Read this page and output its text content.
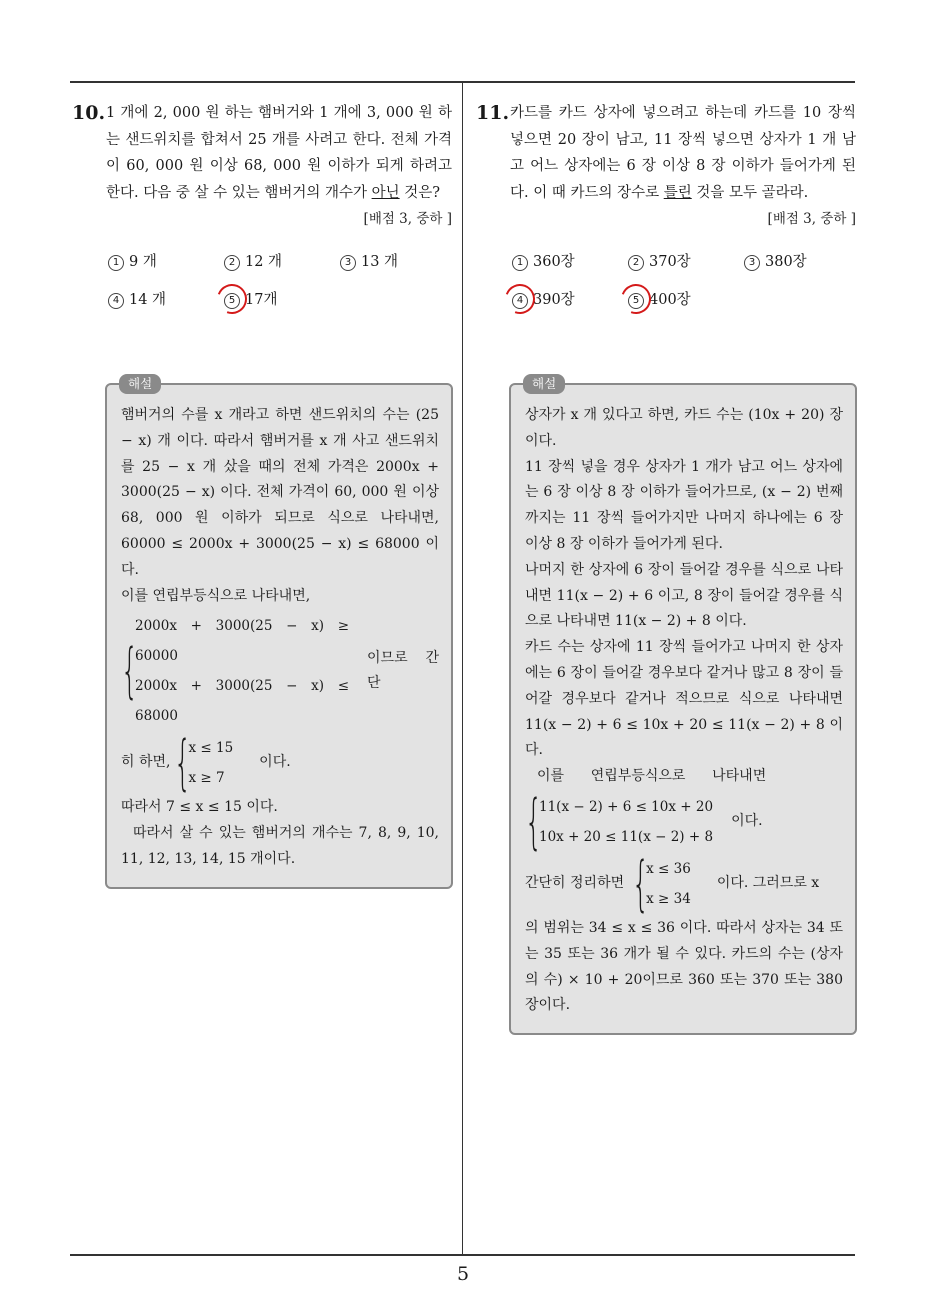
5
10. 1 개에 2, 000 원 하는 햄버거와 1 개에 3, 000 원 하는 샌드위치를 합쳐서 25 개를 사려고 한다. 전체 가격이 60, 000 원 이상 68, 000 원 이하가 되게 하려고 한다. 다음 중 살 수 있는 햄버거의 개수가 아닌 것은?
[배점 3, 중하 ]
1 9 개	2 12 개	3 13 개
4 14 개	5 17개
해설

햄버거의 수를 x 개라고 하면 샌드위치의 수는 (25 − x) 개 이다. 따라서 햄버거를 x 개 사고 샌드위치를 25 − x 개 샀을 때의 전체 가격은 2000x + 3000(25 − x) 이다. 전체 가격이 60, 000 원 이상 68, 000 원 이하가 되므로 식으로 나타내면, 60000 ≤ 2000x + 3000(25 − x) ≤ 68000 이다.

이를 연립부등식으로 나타내면,

{
2000x + 3000(25 − x) ≥ 60000
2000x + 3000(25 − x) ≤ 68000
이므로 간단
히 하면, {
x ≤ 15
x ≥ 7
이다.

따라서 7 ≤ x ≤ 15 이다.

따라서 살 수 있는 햄버거의 개수는 7, 8, 9, 10, 11, 12, 13, 14, 15 개이다.

11. 카드를 카드 상자에 넣으려고 하는데 카드를 10 장씩 넣으면 20 장이 남고, 11 장씩 넣으면 상자가 1 개 남고 어느 상자에는 6 장 이상 8 장 이하가 들어가게 된다. 이 때 카드의 장수로 틀린 것을 모두 골라라.
[배점 3, 중하 ]
1 360장	2 370장	3 380장
4 390장	5 400장
해설

상자가 x 개 있다고 하면, 카드 수는 (10x + 20) 장이다.

11 장씩 넣을 경우 상자가 1 개가 남고 어느 상자에는 6 장 이상 8 장 이하가 들어가므로, (x − 2) 번째까지는 11 장씩 들어가지만 나머지 하나에는 6 장 이상 8 장 이하가 들어가게 된다.

나머지 한 상자에 6 장이 들어갈 경우를 식으로 나타내면 11(x − 2) + 6 이고, 8 장이 들어갈 경우를 식으로 나타내면 11(x − 2) + 8 이다.

카드 수는 상자에 11 장씩 들어가고 나머지 한 상자에는 6 장이 들어갈 경우보다 같거나 많고 8 장이 들어갈 경우보다 같거나 적으므로 식으로 나타내면 11(x − 2) + 6 ≤ 10x + 20 ≤ 11(x − 2) + 8 이다.

이를      연립부등식으로      나타내면

{
11(x − 2) + 6 ≤ 10x + 20
10x + 20 ≤ 11(x − 2) + 8
이다.
간단히 정리하면 {
x ≤ 36
x ≥ 34
이다. 그러므로 x

의 범위는 34 ≤ x ≤ 36 이다. 따라서 상자는 34 또는 35 또는 36 개가 될 수 있다. 카드의 수는 (상자의 수) × 10 + 20이므로 360 또는 370 또는 380 장이다.
